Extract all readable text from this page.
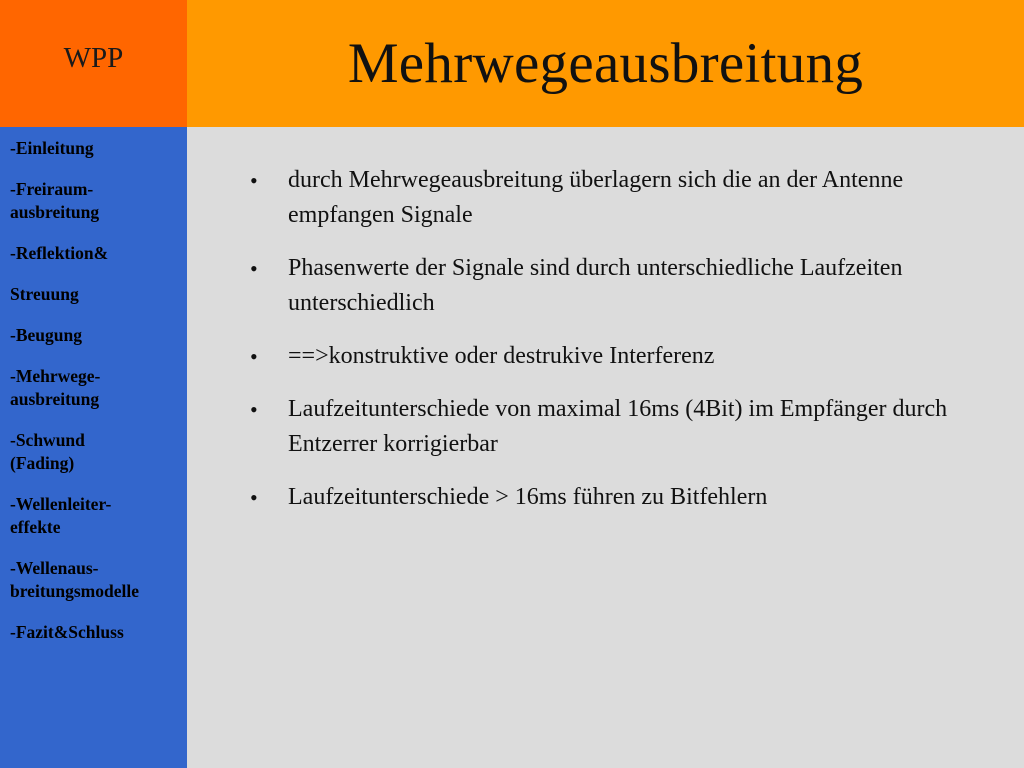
WPP	Mehrwegeausbreitung
-Einleitung
-Freiraum-
ausbreitung
-Reflektion&
Streuung
-Beugung
-Mehrwege-
ausbreitung
-Schwund
(Fading)
-Wellenleiter-
effekte
-Wellenaus-
breitungsmodelle
-Fazit&Schluss
•	durch Mehrwegeausbreitung überlagern sich die an der Antenne empfangen Signale
•	Phasenwerte der Signale sind durch unterschiedliche Laufzeiten unterschiedlich
•	==>konstruktive oder destrukive Interferenz
•	Laufzeitunterschiede von maximal 16ms (4Bit) im Empfänger durch Entzerrer korrigierbar
•	Laufzeitunterschiede > 16ms führen zu Bitfehlern
